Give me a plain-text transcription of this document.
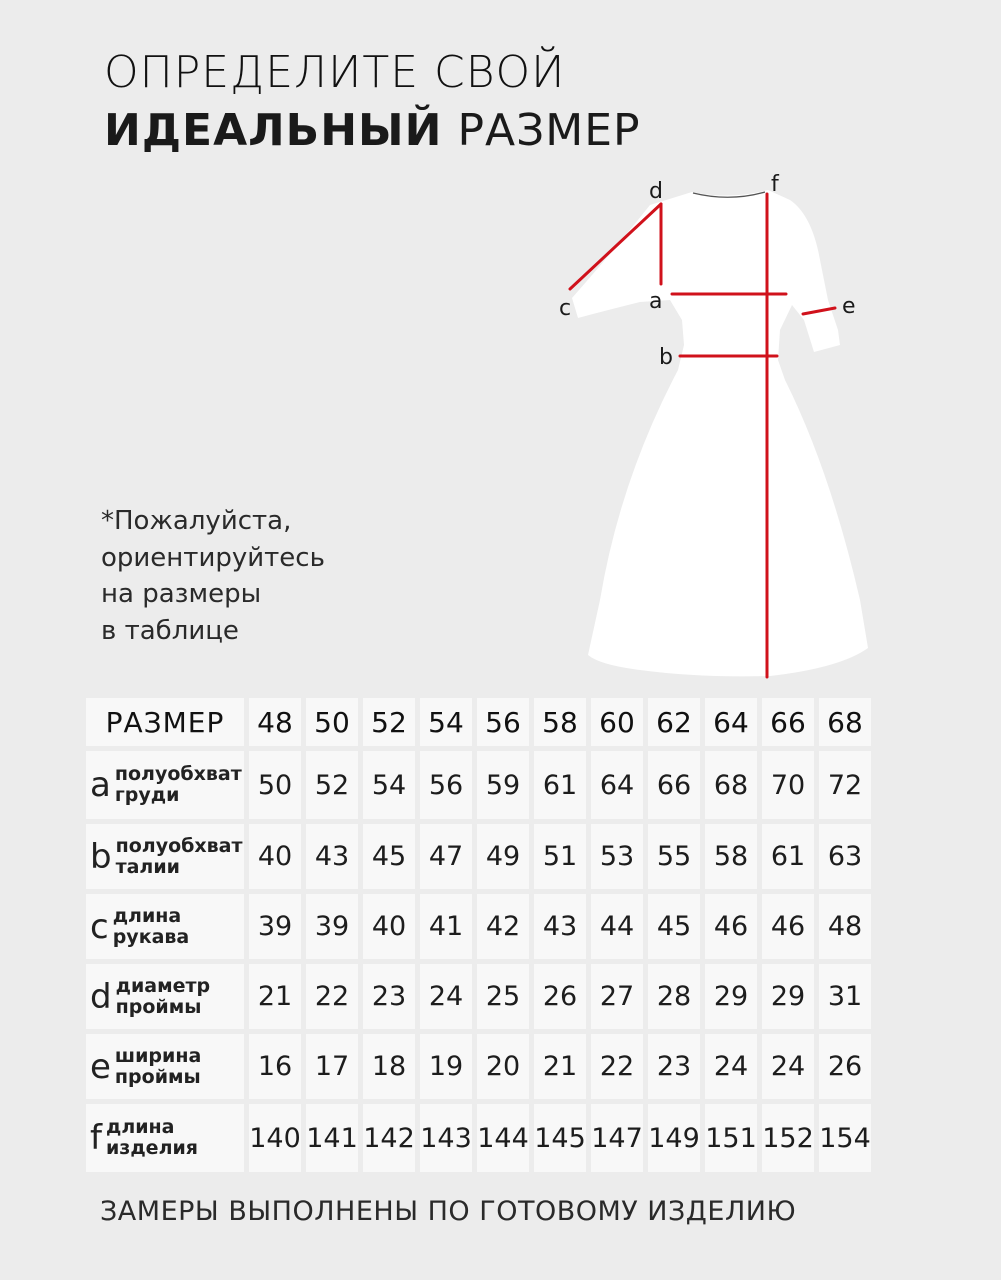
ОПРЕДЕЛИТЕ СВОЙ
ИДЕАЛЬНЫЙ РАЗМЕР
*Пожалуйста,
ориентируйтесь
на размеры
в таблице
d	f
c	a	e
b
РАЗМЕР	48	50	52	54	56	58	60	62	64	66	68

a полуобхват
груди	50	52	54	56	59	61	64	66	68	70	72

b полуобхват
талии	40	43	45	47	49	51	53	55	58	61	63

c длина
рукава	39	39	40	41	42	43	44	45	46	46	48

d диаметр
проймы	21	22	23	24	25	26	27	28	29	29	31

e ширина
проймы	16	17	18	19	20	21	22	23	24	24	26

f длина
изделия	140	141	142	143	144	145	147	149	151	152	154
ЗАМЕРЫ ВЫПОЛНЕНЫ ПО ГОТОВОМУ ИЗДЕЛИЮ
